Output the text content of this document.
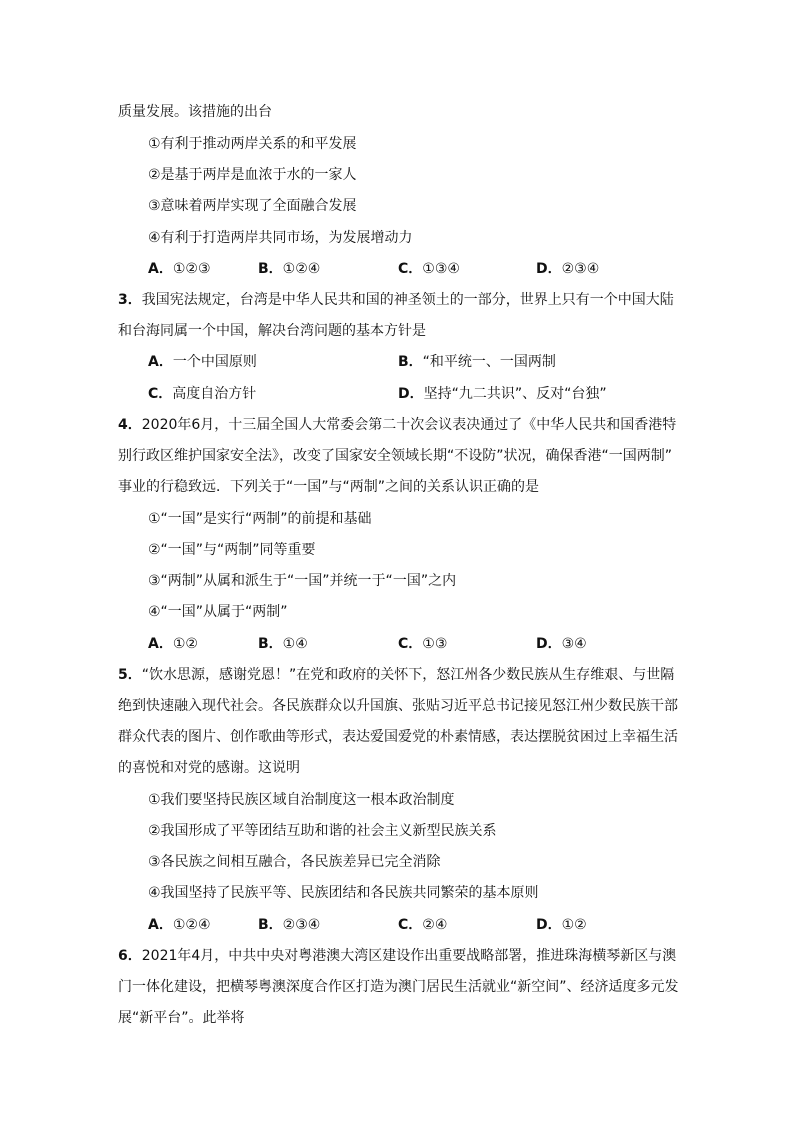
质量发展。该措施的出台
①有利于推动两岸关系的和平发展
②是基于两岸是血浓于水的一家人
③意味着两岸实现了全面融合发展
④有利于打造两岸共同市场，为发展增动力
A．①②③	B．①②④	C．①③④	D．②③④
3．我国宪法规定，台湾是中华人民共和国的神圣领土的一部分，世界上只有一个中国大陆
和台海同属一个中国，解决台湾问题的基本方针是
A．一个中国原则	B．“和平统一、一国两制
C．高度自治方针	D．坚持“九二共识”、反对“台独”
4．2020年6月，十三届全国人大常委会第二十次会议表决通过了《中华人民共和国香港特
别行政区维护国家安全法》，改变了国家安全领域长期“不设防”状况，确保香港“一国两制”
事业的行稳致远．下列关于“一国”与“两制”之间的关系认识正确的是
①“一国”是实行“两制”的前提和基础
②“一国”与“两制”同等重要
③“两制”从属和派生于“一国”并统一于“一国”之内
④“一国”从属于“两制”
A．①②	B．①④	C．①③	D．③④
5．“饮水思源，感谢党恩！”在党和政府的关怀下，怒江州各少数民族从生存维艰、与世隔
绝到快速融入现代社会。各民族群众以升国旗、张贴习近平总书记接见怒江州少数民族干部
群众代表的图片、创作歌曲等形式，表达爱国爱党的朴素情感，表达摆脱贫困过上幸福生活
的喜悦和对党的感谢。这说明
①我们要坚持民族区域自治制度这一根本政治制度
②我国形成了平等团结互助和谐的社会主义新型民族关系
③各民族之间相互融合，各民族差异已完全消除
④我国坚持了民族平等、民族团结和各民族共同繁荣的基本原则
A．①②④	B．②③④	C．②④	D．①②
6．2021年4月，中共中央对粤港澳大湾区建设作出重要战略部署，推进珠海横琴新区与澳
门一体化建设，把横琴粤澳深度合作区打造为澳门居民生活就业“新空间”、经济适度多元发
展“新平台”。此举将
